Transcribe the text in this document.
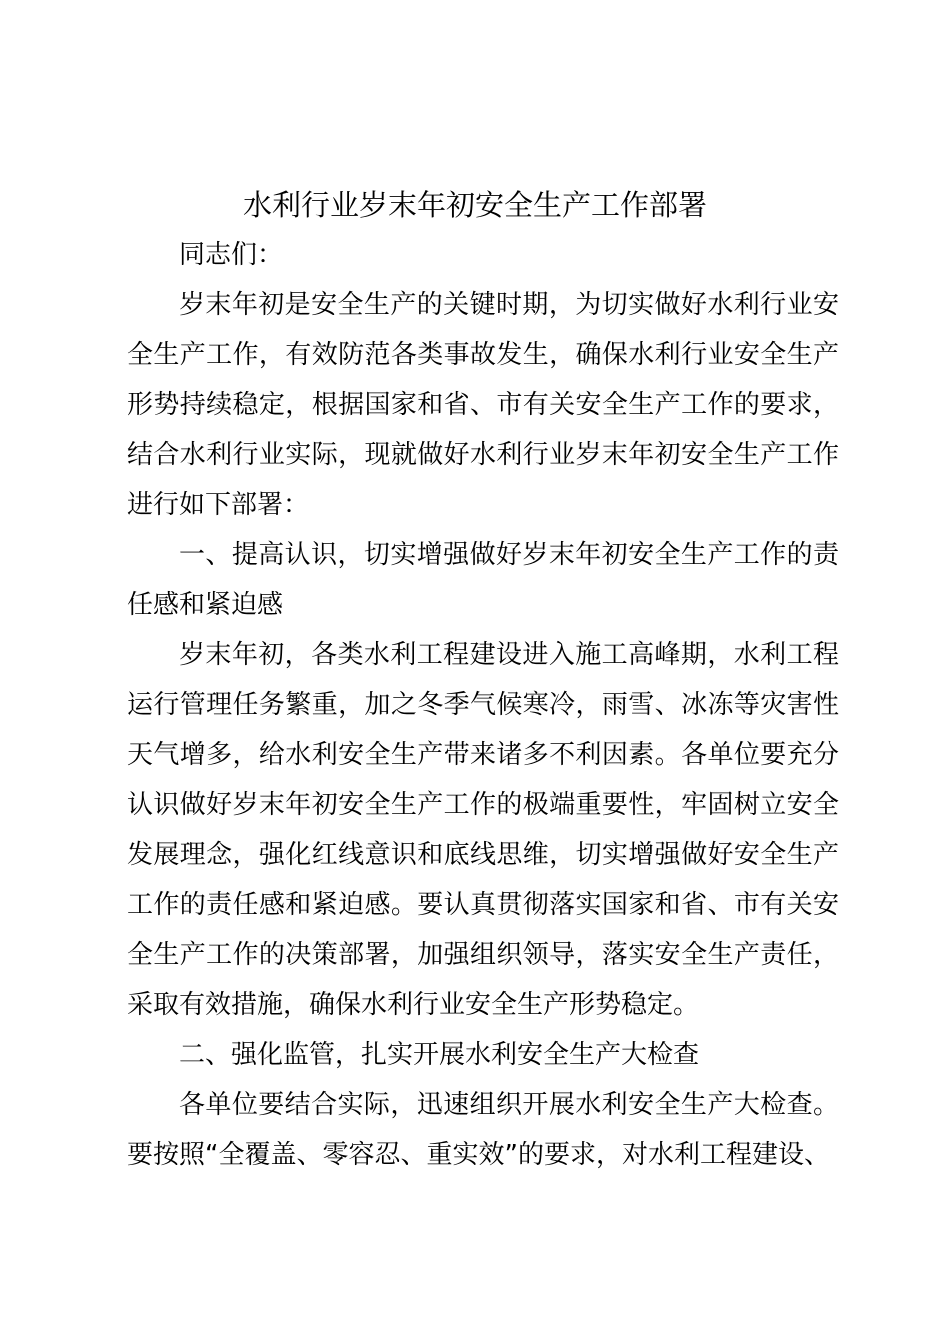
水利行业岁末年初安全生产工作部署

同志们：

岁末年初是安全生产的关键时期，为切实做好水利行业安全生产工作，有效防范各类事故发生，确保水利行业安全生产形势持续稳定，根据国家和省、市有关安全生产工作的要求，结合水利行业实际，现就做好水利行业岁末年初安全生产工作进行如下部署：

一、提高认识，切实增强做好岁末年初安全生产工作的责任感和紧迫感

岁末年初，各类水利工程建设进入施工高峰期，水利工程运行管理任务繁重，加之冬季气候寒冷，雨雪、冰冻等灾害性天气增多，给水利安全生产带来诸多不利因素。各单位要充分认识做好岁末年初安全生产工作的极端重要性，牢固树立安全发展理念，强化红线意识和底线思维，切实增强做好安全生产工作的责任感和紧迫感。要认真贯彻落实国家和省、市有关安全生产工作的决策部署，加强组织领导，落实安全生产责任，采取有效措施，确保水利行业安全生产形势稳定。

二、强化监管，扎实开展水利安全生产大检查

各单位要结合实际，迅速组织开展水利安全生产大检查。要按照“全覆盖、零容忍、重实效”的要求，对水利工程建设、
